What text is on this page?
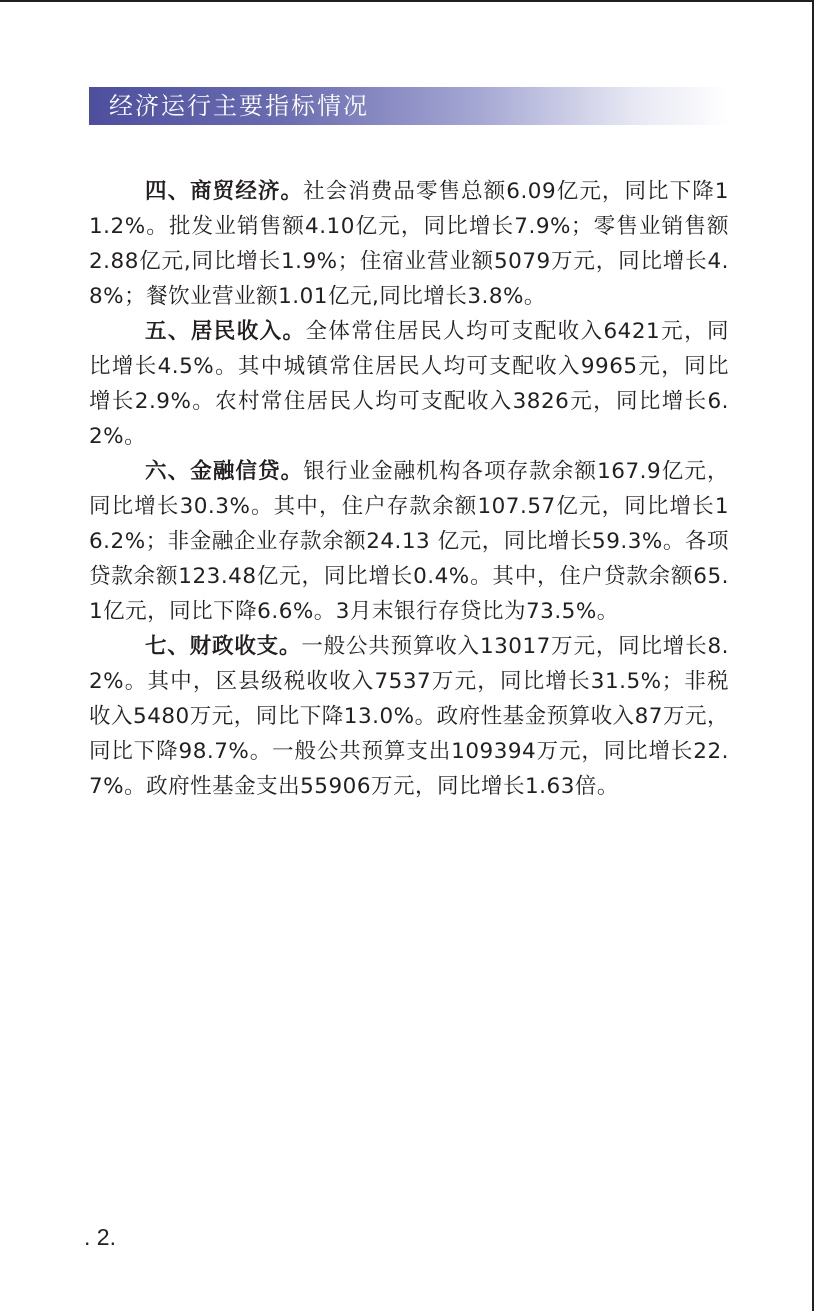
经济运行主要指标情况

四、商贸经济。社会消费品零售总额6.09亿元，同比下降11.2%。批发业销售额4.10亿元，同比增长7.9%；零售业销售额2.88亿元,同比增长1.9%；住宿业营业额5079万元，同比增长4.8%；餐饮业营业额1.01亿元,同比增长3.8%。

五、居民收入。全体常住居民人均可支配收入6421元，同比增长4.5%。其中城镇常住居民人均可支配收入9965元，同比增长2.9%。农村常住居民人均可支配收入3826元，同比增长6.2%。

六、金融信贷。银行业金融机构各项存款余额167.9亿元，同比增长30.3%。其中，住户存款余额107.57亿元，同比增长16.2%；非金融企业存款余额24.13 亿元，同比增长59.3%。各项贷款余额123.48亿元，同比增长0.4%。其中，住户贷款余额65.1亿元，同比下降6.6%。3月末银行存贷比为73.5%。

七、财政收支。一般公共预算收入13017万元，同比增长8.2%。其中，区县级税收收入7537万元，同比增长31.5%；非税收入5480万元，同比下降13.0%。政府性基金预算收入87万元，同比下降98.7%。一般公共预算支出109394万元，同比增长22.7%。政府性基金支出55906万元，同比增长1.63倍。

. 2.
